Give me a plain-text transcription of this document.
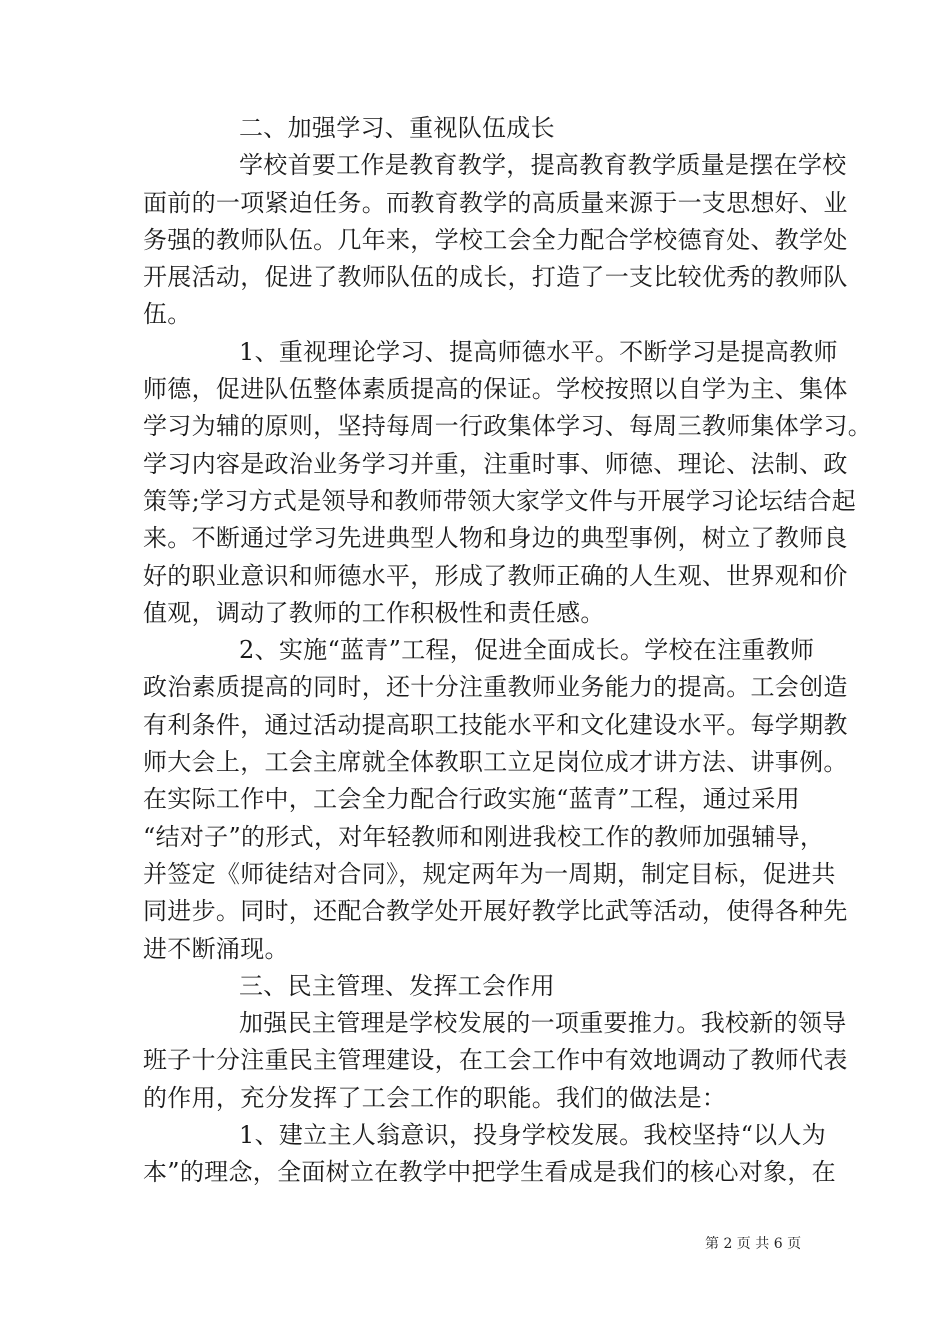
二、加强学习、重视队伍成长

学校首要工作是教育教学，提高教育教学质量是摆在学校

面前的一项紧迫任务。而教育教学的高质量来源于一支思想好、业

务强的教师队伍。几年来，学校工会全力配合学校德育处、教学处

开展活动，促进了教师队伍的成长，打造了一支比较优秀的教师队

伍。

1、重视理论学习、提高师德水平。不断学习是提高教师

师德，促进队伍整体素质提高的保证。学校按照以自学为主、集体

学习为辅的原则，坚持每周一行政集体学习、每周三教师集体学习。

学习内容是政治业务学习并重，注重时事、师德、理论、法制、政

策等;学习方式是领导和教师带领大家学文件与开展学习论坛结合起

来。不断通过学习先进典型人物和身边的典型事例，树立了教师良

好的职业意识和师德水平，形成了教师正确的人生观、世界观和价

值观，调动了教师的工作积极性和责任感。

2、实施“蓝青”工程，促进全面成长。学校在注重教师

政治素质提高的同时，还十分注重教师业务能力的提高。工会创造

有利条件，通过活动提高职工技能水平和文化建设水平。每学期教

师大会上，工会主席就全体教职工立足岗位成才讲方法、讲事例。

在实际工作中，工会全力配合行政实施“蓝青”工程，通过采用

“结对子”的形式，对年轻教师和刚进我校工作的教师加强辅导，

并签定《师徒结对合同》，规定两年为一周期，制定目标，促进共

同进步。同时，还配合教学处开展好教学比武等活动，使得各种先

进不断涌现。

三、民主管理、发挥工会作用

加强民主管理是学校发展的一项重要推力。我校新的领导

班子十分注重民主管理建设，在工会工作中有效地调动了教师代表

的作用，充分发挥了工会工作的职能。我们的做法是：

1、建立主人翁意识，投身学校发展。我校坚持“以人为

本”的理念，全面树立在教学中把学生看成是我们的核心对象，在

第 2 页 共 6 页
